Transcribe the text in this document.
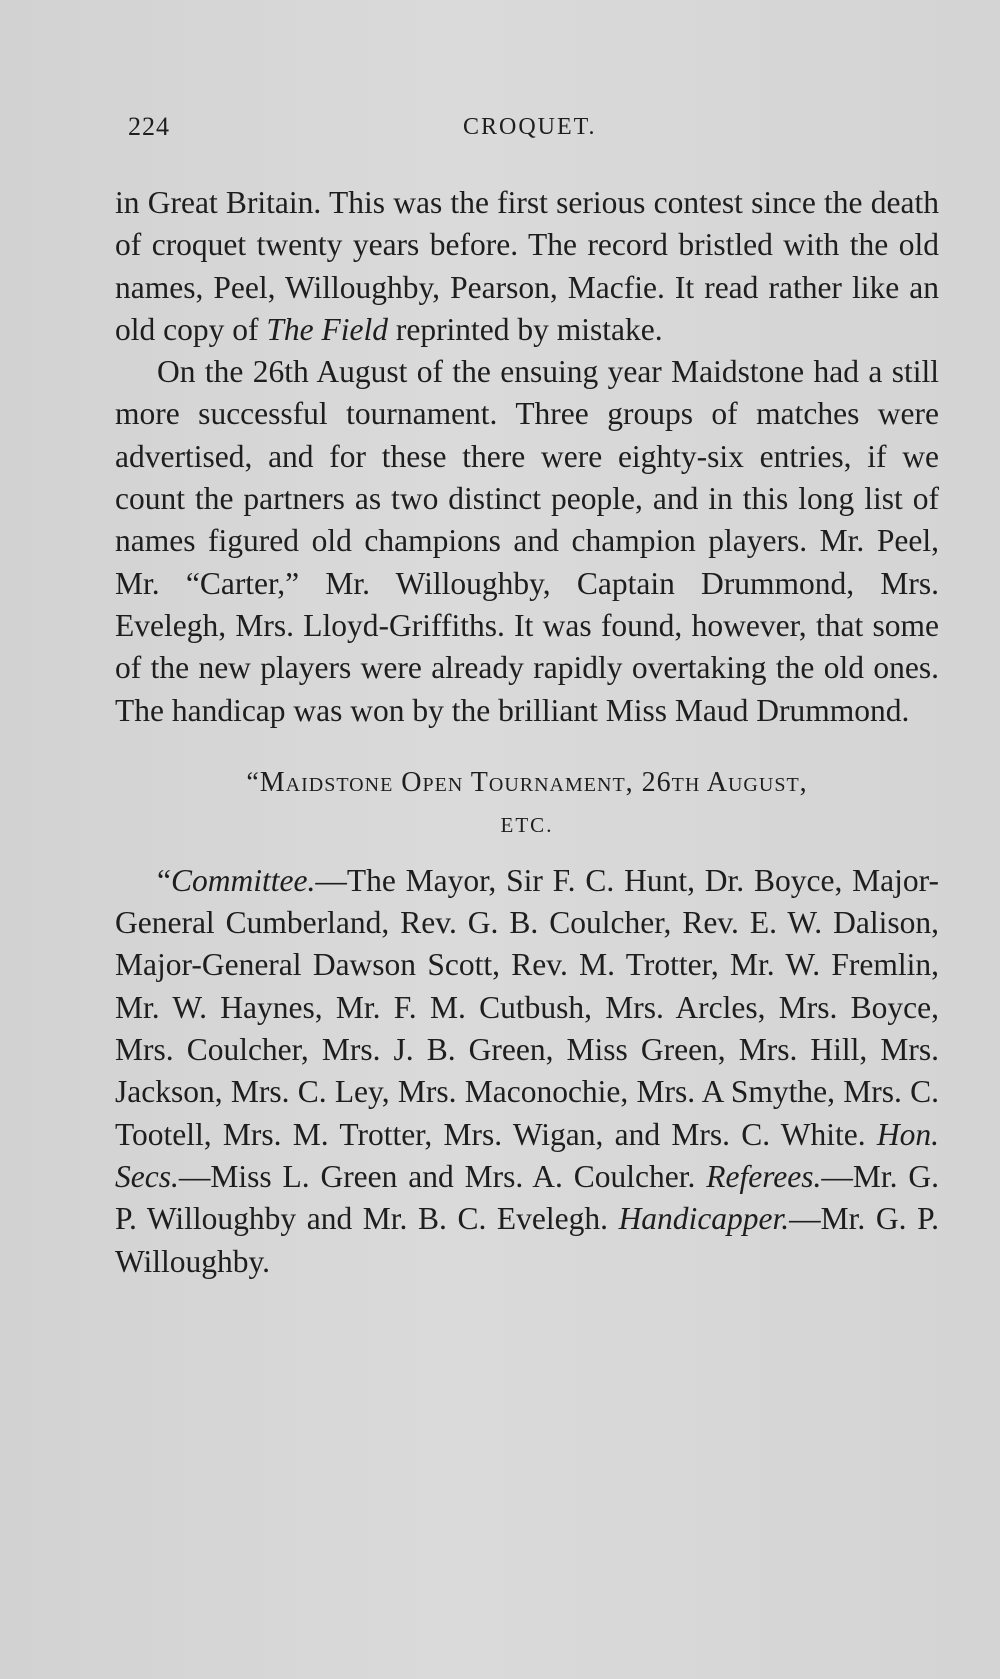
224	CROQUET.

in Great Britain. This was the first serious contest since the death of croquet twenty years before. The record bristled with the old names, Peel, Willoughby, Pearson, Macfie. It read rather like an old copy of The Field reprinted by mistake.

On the 26th August of the ensuing year Maidstone had a still more successful tournament. Three groups of matches were advertised, and for these there were eighty-six entries, if we count the partners as two distinct people, and in this long list of names figured old champions and champion players. Mr. Peel, Mr. “Carter,” Mr. Willoughby, Captain Drummond, Mrs. Evelegh, Mrs. Lloyd-Griffiths. It was found, however, that some of the new players were already rapidly overtaking the old ones. The handicap was won by the brilliant Miss Maud Drummond.

“Maidstone Open Tournament, 26th August,
ETC.

“Committee.—The Mayor, Sir F. C. Hunt, Dr. Boyce, Major-General Cumberland, Rev. G. B. Coulcher, Rev. E. W. Dalison, Major-General Dawson Scott, Rev. M. Trotter, Mr. W. Fremlin, Mr. W. Haynes, Mr. F. M. Cutbush, Mrs. Arcles, Mrs. Boyce, Mrs. Coulcher, Mrs. J. B. Green, Miss Green, Mrs. Hill, Mrs. Jackson, Mrs. C. Ley, Mrs. Maconochie, Mrs. A Smythe, Mrs. C. Tootell, Mrs. M. Trotter, Mrs. Wigan, and Mrs. C. White. Hon. Secs.—Miss L. Green and Mrs. A. Coulcher. Referees.—Mr. G. P. Willoughby and Mr. B. C. Evelegh. Handicapper.—Mr. G. P. Willoughby.
